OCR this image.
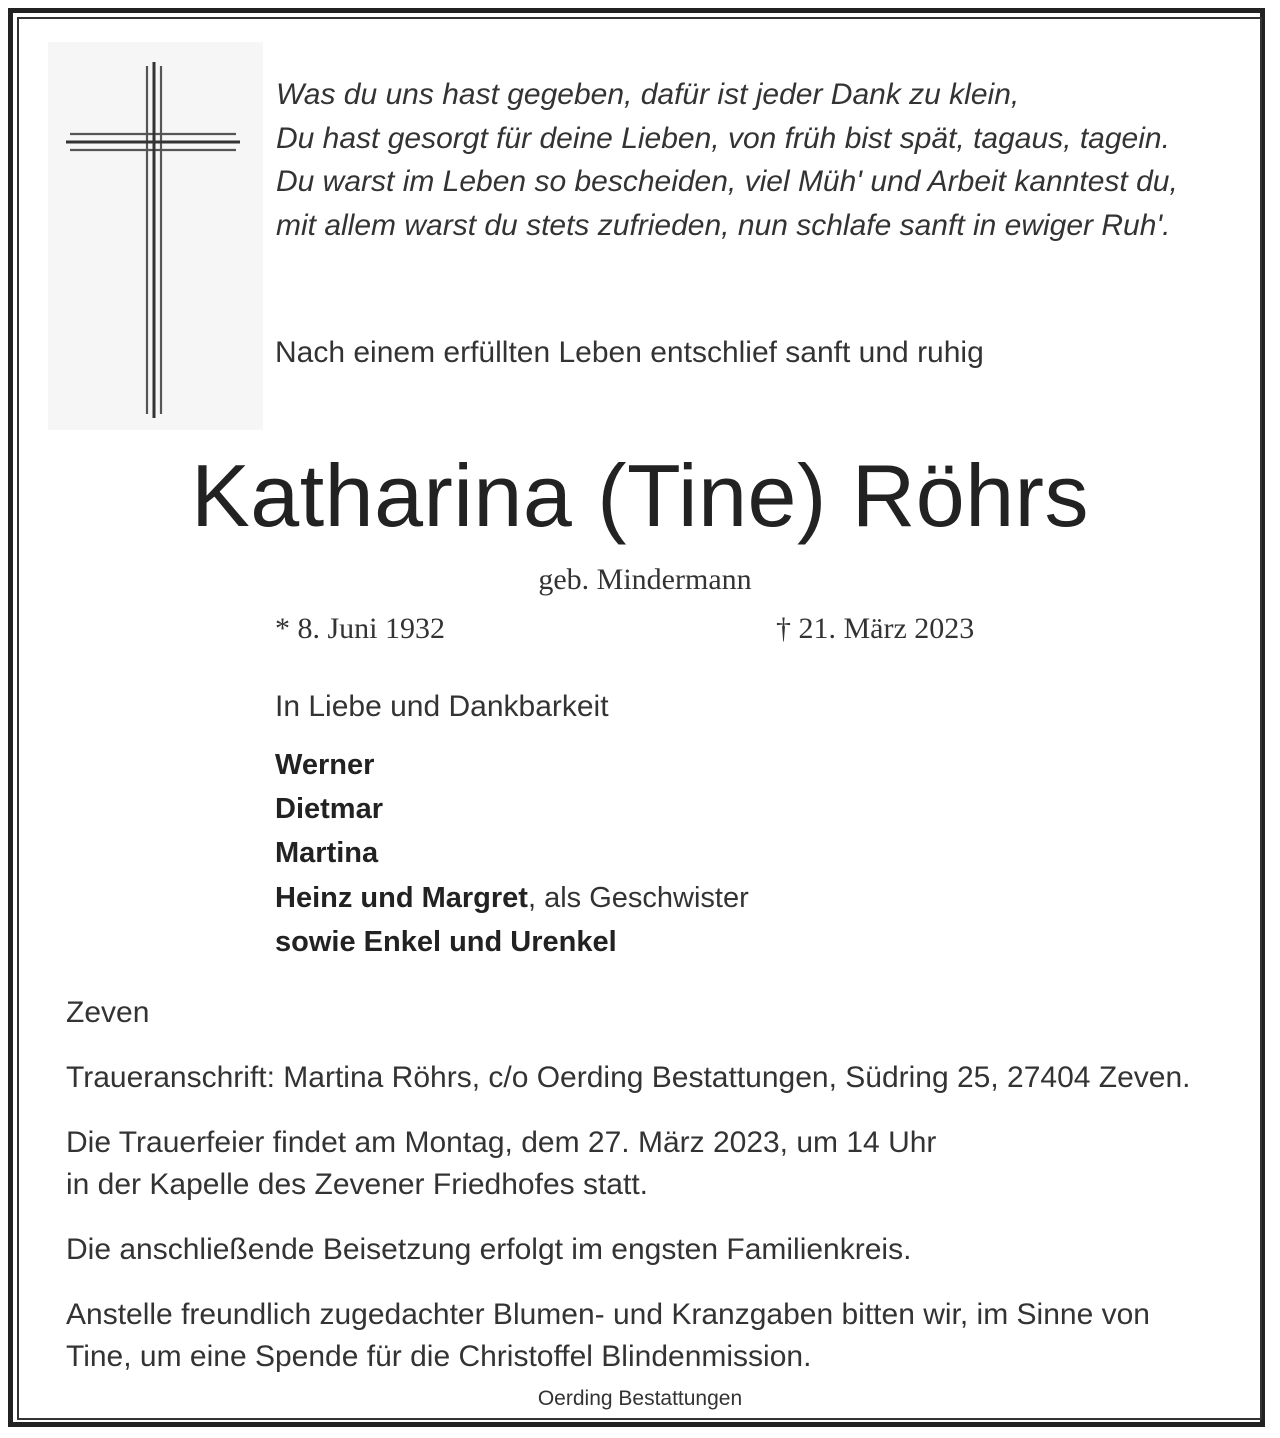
Was du uns hast gegeben, dafür ist jeder Dank zu klein,
Du hast gesorgt für deine Lieben, von früh bist spät, tagaus, tagein.
Du warst im Leben so bescheiden, viel Müh' und Arbeit kanntest du,
mit allem warst du stets zufrieden, nun schlafe sanft in ewiger Ruh'.
Nach einem erfüllten Leben entschlief sanft und ruhig
Katharina (Tine) Röhrs
geb. Mindermann
* 8. Juni 1932	† 21. März 2023
In Liebe und Dankbarkeit
Werner
Dietmar
Martina
Heinz und Margret, als Geschwister
sowie Enkel und Urenkel
Zeven
Traueranschrift: Martina Röhrs, c/o Oerding Bestattungen, Südring 25, 27404 Zeven.
Die Trauerfeier findet am Montag, dem 27. März 2023, um 14 Uhr
in der Kapelle des Zevener Friedhofes statt.
Die anschließende Beisetzung erfolgt im engsten Familienkreis.
Anstelle freundlich zugedachter Blumen- und Kranzgaben bitten wir, im Sinne von
Tine, um eine Spende für die Christoffel Blindenmission.
Oerding Bestattungen
